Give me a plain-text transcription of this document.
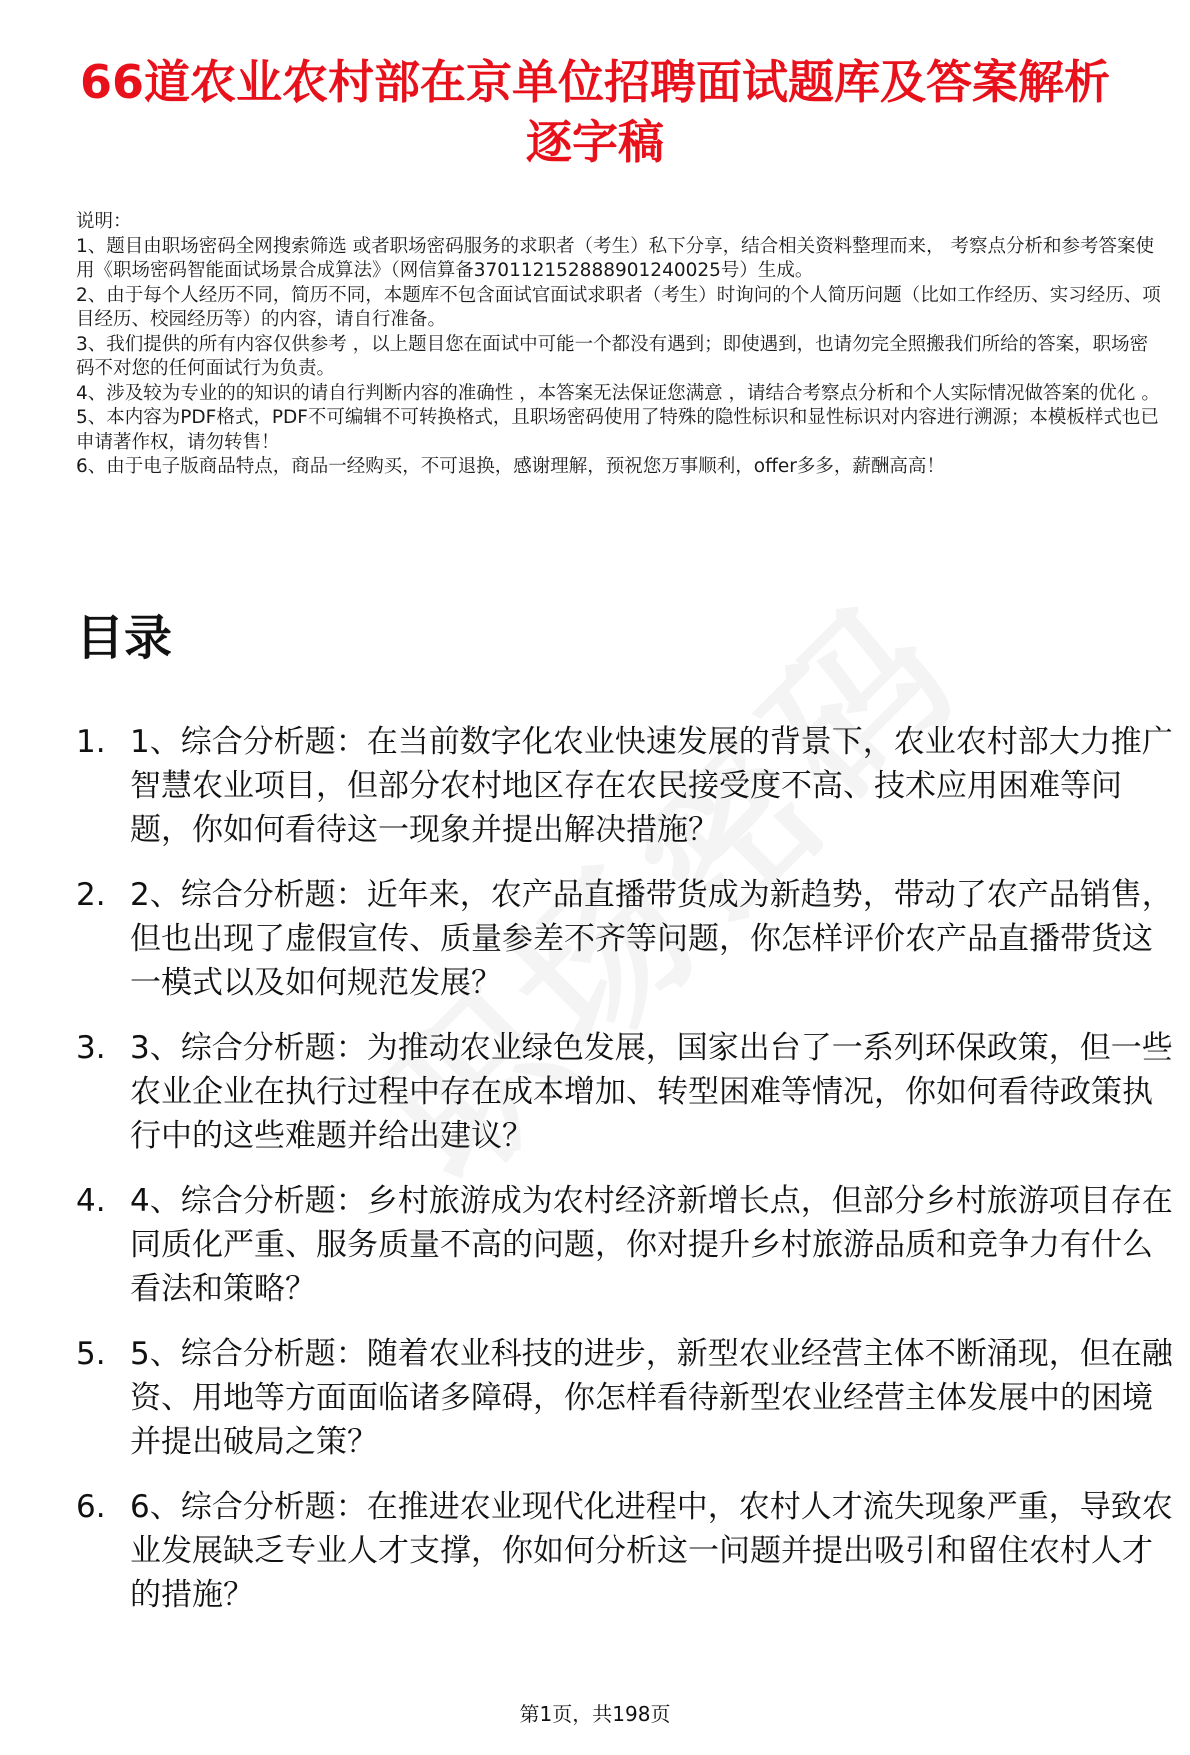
66道农业农村部在京单位招聘面试题库及答案解析逐字稿

说明：

1、题目由职场密码全网搜索筛选 或者职场密码服务的求职者（考生）私下分享，结合相关资料整理而来， 考察点分析和参考答案使用《职场密码智能面试场景合成算法》（网信算备370112152888901240025号）生成。

2、由于每个人经历不同，简历不同，本题库不包含面试官面试求职者（考生）时询问的个人简历问题（比如工作经历、实习经历、项目经历、校园经历等）的内容，请自行准备。

3、我们提供的所有内容仅供参考 ，以上题目您在面试中可能一个都没有遇到；即使遇到，也请勿完全照搬我们所给的答案，职场密码不对您的任何面试行为负责。

4、涉及较为专业的的知识的请自行判断内容的准确性 ，本答案无法保证您满意 ，请结合考察点分析和个人实际情况做答案的优化 。

5、本内容为PDF格式，PDF不可编辑不可转换格式，且职场密码使用了特殊的隐性标识和显性标识对内容进行溯源；本模板样式也已申请著作权，请勿转售！

6、由于电子版商品特点，商品一经购买，不可退换，感谢理解，预祝您万事顺利，offer多多，薪酬高高！

目录
1. 1、综合分析题：在当前数字化农业快速发展的背景下，农业农村部大力推广智慧农业项目，但部分农村地区存在农民接受度不高、技术应用困难等问题，你如何看待这一现象并提出解决措施？
2. 2、综合分析题：近年来，农产品直播带货成为新趋势，带动了农产品销售，但也出现了虚假宣传、质量参差不齐等问题，你怎样评价农产品直播带货这一模式以及如何规范发展？
3. 3、综合分析题：为推动农业绿色发展，国家出台了一系列环保政策，但一些农业企业在执行过程中存在成本增加、转型困难等情况，你如何看待政策执行中的这些难题并给出建议？
4. 4、综合分析题：乡村旅游成为农村经济新增长点，但部分乡村旅游项目存在同质化严重、服务质量不高的问题，你对提升乡村旅游品质和竞争力有什么看法和策略？
5. 5、综合分析题：随着农业科技的进步，新型农业经营主体不断涌现，但在融资、用地等方面面临诸多障碍，你怎样看待新型农业经营主体发展中的困境并提出破局之策？
6. 6、综合分析题：在推进农业现代化进程中，农村人才流失现象严重，导致农业发展缺乏专业人才支撑，你如何分析这一问题并提出吸引和留住农村人才的措施？
第1页，共198页
